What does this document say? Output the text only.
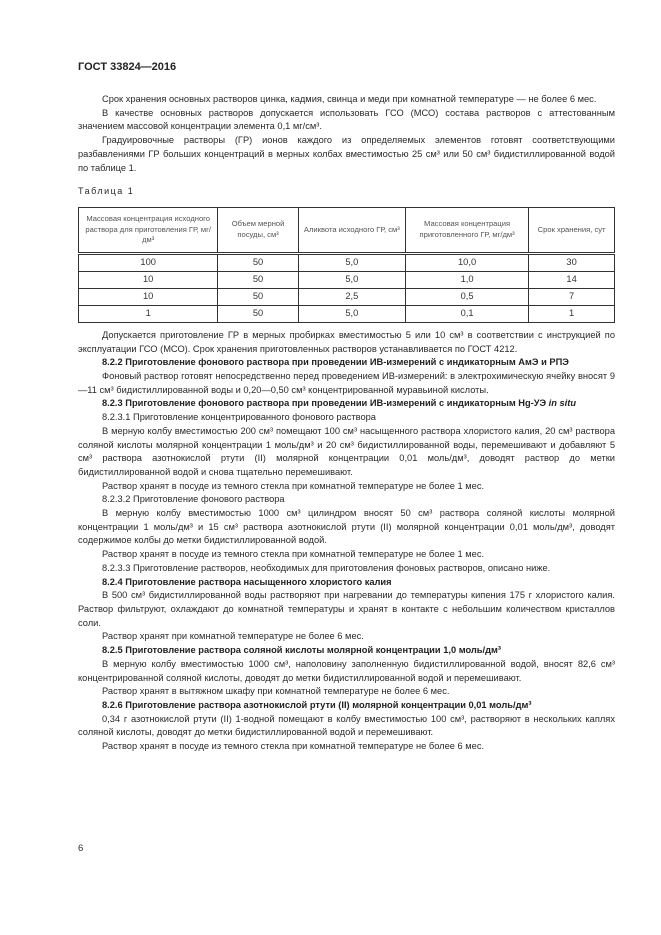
ГОСТ 33824—2016

Срок хранения основных растворов цинка, кадмия, свинца и меди при комнатной температуре — не более 6 мес.

В качестве основных растворов допускается использовать ГСО (МСО) состава растворов с аттестованным значением массовой концентрации элемента 0,1 мг/см³.

Градуировочные растворы (ГР) ионов каждого из определяемых элементов готовят соответствующими разбавлениями ГР больших концентраций в мерных колбах вместимостью 25 см³ или 50 см³ бидистиллированной водой по таблице 1.

Таблица 1
Массовая концентрация исходного раствора для приготовления ГР, мг/дм³	Объем мерной посуды, см³	Аликвота исходного ГР, см³	Массовая концентрация приготовленного ГР, мг/дм³	Срок хранения, сут
100	50	5,0	10,0	30
10	50	5,0	1,0	14
10	50	2,5	0,5	7
1	50	5,0	0,1	1

Допускается приготовление ГР в мерных пробирках вместимостью 5 или 10 см³ в соответствии с инструкцией по эксплуатации ГСО (МСО). Срок хранения приготовленных растворов устанавливается по ГОСТ 4212.

8.2.2 Приготовление фонового раствора при проведении ИВ-измерений с индикаторным АмЭ и РПЭ

Фоновый раствор готовят непосредственно перед проведением ИВ-измерений: в электрохимическую ячейку вносят 9—11 см³ бидистиллированной воды и 0,20—0,50 см³ концентрированной муравьиной кислоты.

8.2.3 Приготовление фонового раствора при проведении ИВ-измерений с индикаторным Hg-УЭ in situ

8.2.3.1 Приготовление концентрированного фонового раствора

В мерную колбу вместимостью 200 см³ помещают 100 см³ насыщенного раствора хлористого калия, 20 см³ раствора соляной кислоты молярной концентрации 1 моль/дм³ и 20 см³ бидистиллированной воды, перемешивают и добавляют 5 см³ раствора азотнокислой ртути (II) молярной концентрации 0,01 моль/дм³, доводят раствор до метки бидистиллированной водой и снова тщательно перемешивают.

Раствор хранят в посуде из темного стекла при комнатной температуре не более 1 мес.

8.2.3.2 Приготовление фонового раствора

В мерную колбу вместимостью 1000 см³ цилиндром вносят 50 см³ раствора соляной кислоты молярной концентрации 1 моль/дм³ и 15 см³ раствора азотнокислой ртути (II) молярной концентрации 0,01 моль/дм³, доводят содержимое колбы до метки бидистиллированной водой.

Раствор хранят в посуде из темного стекла при комнатной температуре не более 1 мес.

8.2.3.3 Приготовление растворов, необходимых для приготовления фоновых растворов, описано ниже.

8.2.4 Приготовление раствора насыщенного хлористого калия

В 500 см³ бидистиллированной воды растворяют при нагревании до температуры кипения 175 г хлористого калия. Раствор фильтруют, охлаждают до комнатной температуры и хранят в контакте с небольшим количеством кристаллов соли.

Раствор хранят при комнатной температуре не более 6 мес.

8.2.5 Приготовление раствора соляной кислоты молярной концентрации 1,0 моль/дм³

В мерную колбу вместимостью 1000 см³, наполовину заполненную бидистиллированной водой, вносят 82,6 см³ концентрированной соляной кислоты, доводят до метки бидистиллированной водой и перемешивают.

Раствор хранят в вытяжном шкафу при комнатной температуре не более 6 мес.

8.2.6 Приготовление раствора азотнокислой ртути (II) молярной концентрации 0,01 моль/дм³

0,34 г азотнокислой ртути (II) 1-водной помещают в колбу вместимостью 100 см³, растворяют в нескольких каплях соляной кислоты, доводят до метки бидистиллированной водой и перемешивают.

Раствор хранят в посуде из темного стекла при комнатной температуре не более 6 мес.

6
